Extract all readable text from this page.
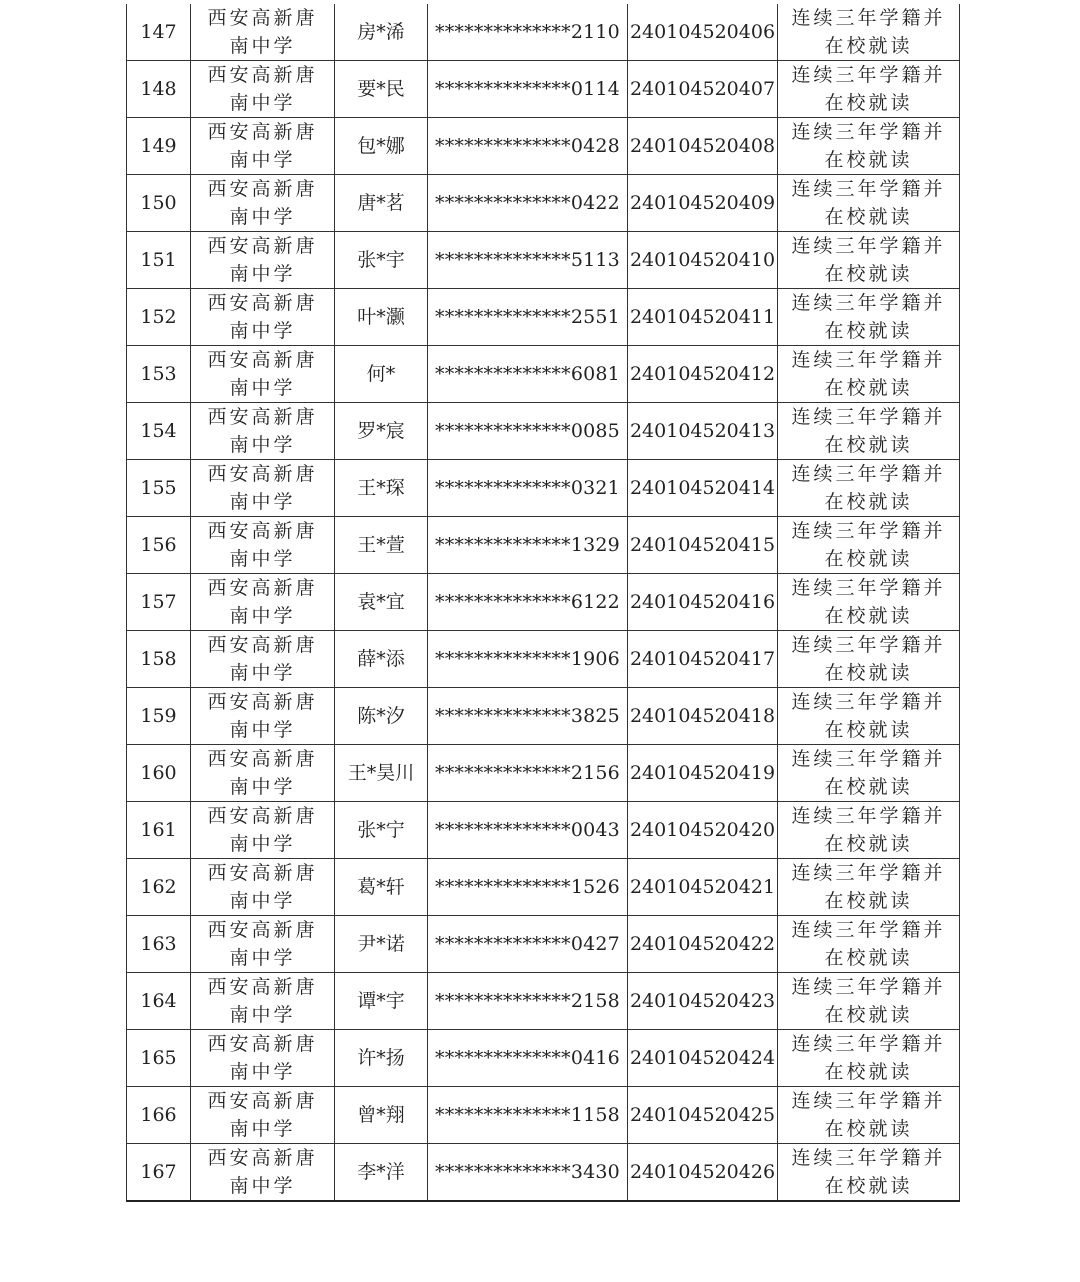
147	西安高新唐南中学	房*浠	**************2110	240104520406	连续三年学籍并在校就读
148	西安高新唐南中学	要*民	**************0114	240104520407	连续三年学籍并在校就读
149	西安高新唐南中学	包*娜	**************0428	240104520408	连续三年学籍并在校就读
150	西安高新唐南中学	唐*茗	**************0422	240104520409	连续三年学籍并在校就读
151	西安高新唐南中学	张*宇	**************5113	240104520410	连续三年学籍并在校就读
152	西安高新唐南中学	叶*灏	**************2551	240104520411	连续三年学籍并在校就读
153	西安高新唐南中学	何*	**************6081	240104520412	连续三年学籍并在校就读
154	西安高新唐南中学	罗*宸	**************0085	240104520413	连续三年学籍并在校就读
155	西安高新唐南中学	王*琛	**************0321	240104520414	连续三年学籍并在校就读
156	西安高新唐南中学	王*萱	**************1329	240104520415	连续三年学籍并在校就读
157	西安高新唐南中学	袁*宜	**************6122	240104520416	连续三年学籍并在校就读
158	西安高新唐南中学	薛*添	**************1906	240104520417	连续三年学籍并在校就读
159	西安高新唐南中学	陈*汐	**************3825	240104520418	连续三年学籍并在校就读
160	西安高新唐南中学	王*昊川	**************2156	240104520419	连续三年学籍并在校就读
161	西安高新唐南中学	张*宁	**************0043	240104520420	连续三年学籍并在校就读
162	西安高新唐南中学	葛*轩	**************1526	240104520421	连续三年学籍并在校就读
163	西安高新唐南中学	尹*诺	**************0427	240104520422	连续三年学籍并在校就读
164	西安高新唐南中学	谭*宇	**************2158	240104520423	连续三年学籍并在校就读
165	西安高新唐南中学	许*扬	**************0416	240104520424	连续三年学籍并在校就读
166	西安高新唐南中学	曾*翔	**************1158	240104520425	连续三年学籍并在校就读
167	西安高新唐南中学	李*洋	**************3430	240104520426	连续三年学籍并在校就读
